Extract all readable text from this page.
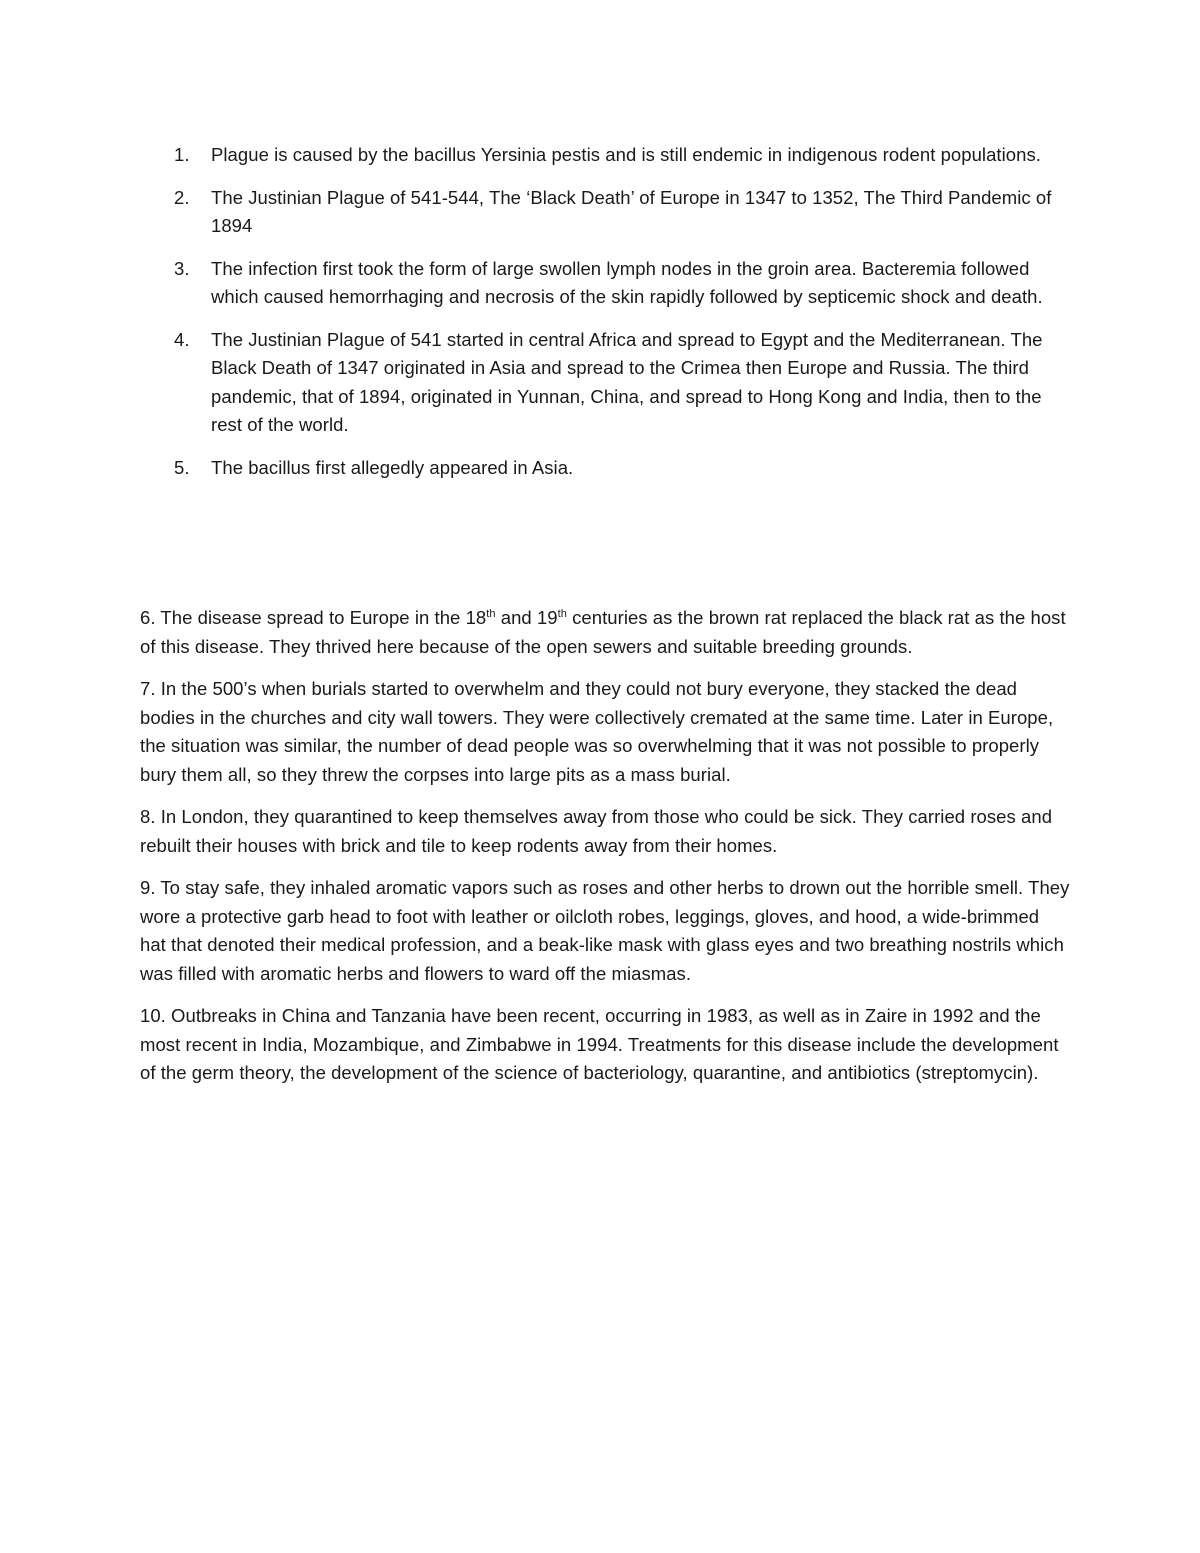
1. Plague is caused by the bacillus Yersinia pestis and is still endemic in indigenous rodent populations.
2. The Justinian Plague of 541-544, The ‘Black Death’ of Europe in 1347 to 1352, The Third Pandemic of 1894
3. The infection first took the form of large swollen lymph nodes in the groin area. Bacteremia followed which caused hemorrhaging and necrosis of the skin rapidly followed by septicemic shock and death.
4. The Justinian Plague of 541 started in central Africa and spread to Egypt and the Mediterranean. The Black Death of 1347 originated in Asia and spread to the Crimea then Europe and Russia. The third pandemic, that of 1894, originated in Yunnan, China, and spread to Hong Kong and India, then to the rest of the world.
5. The bacillus first allegedly appeared in Asia.

6. The disease spread to Europe in the 18th and 19th centuries as the brown rat replaced the black rat as the host of this disease. They thrived here because of the open sewers and suitable breeding grounds.

7. In the 500’s when burials started to overwhelm and they could not bury everyone, they stacked the dead bodies in the churches and city wall towers. They were collectively cremated at the same time. Later in Europe, the situation was similar, the number of dead people was so overwhelming that it was not possible to properly bury them all, so they threw the corpses into large pits as a mass burial.

8. In London, they quarantined to keep themselves away from those who could be sick. They carried roses and rebuilt their houses with brick and tile to keep rodents away from their homes.

9. To stay safe, they inhaled aromatic vapors such as roses and other herbs to drown out the horrible smell. They wore a protective garb head to foot with leather or oilcloth robes, leggings, gloves, and hood, a wide-brimmed hat that denoted their medical profession, and a beak-like mask with glass eyes and two breathing nostrils which was filled with aromatic herbs and flowers to ward off the miasmas.

10. Outbreaks in China and Tanzania have been recent, occurring in 1983, as well as in Zaire in 1992 and the most recent in India, Mozambique, and Zimbabwe in 1994. Treatments for this disease include the development of the germ theory, the development of the science of bacteriology, quarantine, and antibiotics (streptomycin).
